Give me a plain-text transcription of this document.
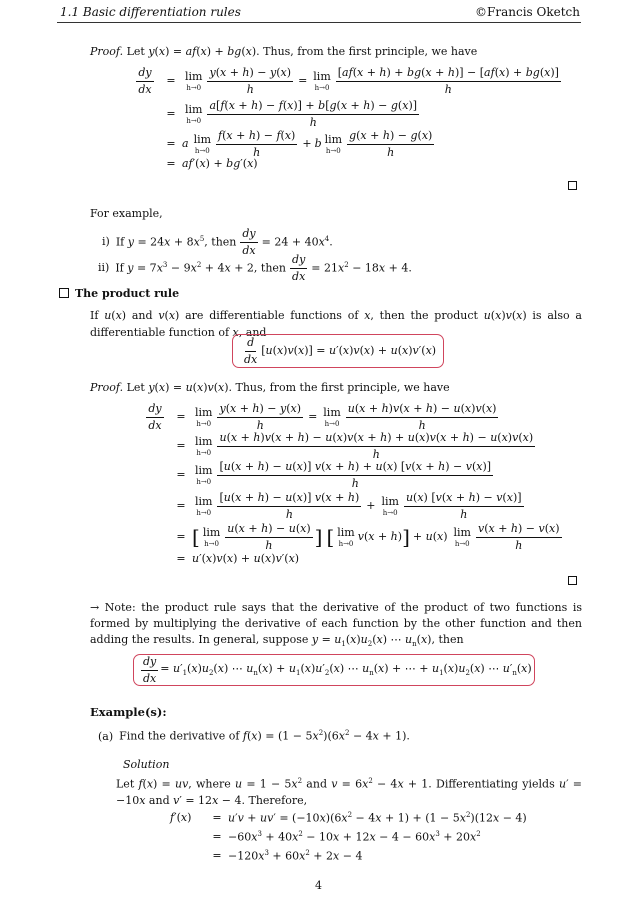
1.1 Basic differentiation rules	©Francis Oketch
Proof. Let y(x) = af(x) + bg(x). Thus, from the first principle, we have
$\frac{dy}{dx}$	= lim
$h\to 0 \frac{y(x + h) - y(x)}{h} = \lim$
$h\to 0 \frac{[af(x + h) + bg(x + h)] - [af(x) + bg(x)]}{h}$
= lim
$h\to 0 \frac{a[f(x + h) - f(x)] + b[g(x + h) - g(x)]}{h}$
= a lim
$h\to 0 \frac{f(x + h) - f(x)}{h} + b$ lim
$h\to 0 \frac{g(x + h) - g(x)}{h}$
= af′(x) + bg′(x)
For example,
i) If $y = 24x + 8x^5$, then $\frac{dy}{dx} = 24 + 40x^4$.
ii) If $y = 7x^3 - 9x^2 + 4x + 2$, then $\frac{dy}{dx} = 21x^2 - 18x + 4$.
The product rule
If u(x) and v(x) are differentiable functions of x, then the product u(x)v(x) is also a differentiable function of x, and
$\frac{d}{dx} [u(x)v(x)] = u'(x)v(x) + u(x)v'(x)$
Proof. Let y(x) = u(x)v(x). Thus, from the first principle, we have
$\frac{dy}{dx}$	= lim
$h\to 0 \frac{y(x + h) - y(x)}{h} = \lim$
$h\to 0 \frac{u(x + h)v(x + h) - u(x)v(x)}{h}$
= lim
$h\to 0 \frac{u(x + h)v(x + h) - u(x)v(x + h) + u(x)v(x + h) - u(x)v(x)}{h}$
= lim
$h\to 0 \frac{[u(x + h) - u(x)] v(x + h) + u(x) [v(x + h) - v(x)]}{h}$
= lim
$h\to 0 \frac{[u(x + h) - u(x)] v(x + h)}{h} + \lim$
$h\to 0 \frac{u(x) [v(x + h) - v(x)]}{h}$
= [ lim
$h\to 0 \frac{u(x + h) - u(x)}{h}$ ] [ lim
h→0
v(x + h) ] + u(x) lim
$h\to 0 \frac{v(x + h) - v(x)}{h}$
= u′(x)v(x) + u(x)v′(x)
→ Note: the product rule says that the derivative of the product of two functions is formed by multiplying the derivative of each function by the other function and then adding the results. In general, suppose $y = u_1(x)u_2(x)$ ⋯ $u_n(x)$, then
$\frac{dy}{dx} = u'_1(x)u_2(x)$ ⋯ $u_n(x) + u_1(x)u'_2(x)$ ⋯ $u_n(x)$ + ⋯ + $u_1(x)u_2(x)$ ⋯ $u'_n(x)$
Example(s):
(a) Find the derivative of $f(x) = (1 - 5x^2)(6x^2 - 4x + 1)$.
Solution
Let f(x) = uv, where $u = 1 - 5x^2$ and $v = 6x^2 - 4x + 1$. Differentiating yields u′ = −10x and v′ = 12x − 4. Therefore,
f′(x)	= $u'v + uv' = (-10x)(6x^2 - 4x + 1) + (1 - 5x^2)(12x - 4)$
= $-60x^3 + 40x^2 - 10x + 12x - 4 - 60x^3 + 20x^2$
= $-120x^3 + 60x^2 + 2x - 4$
4
